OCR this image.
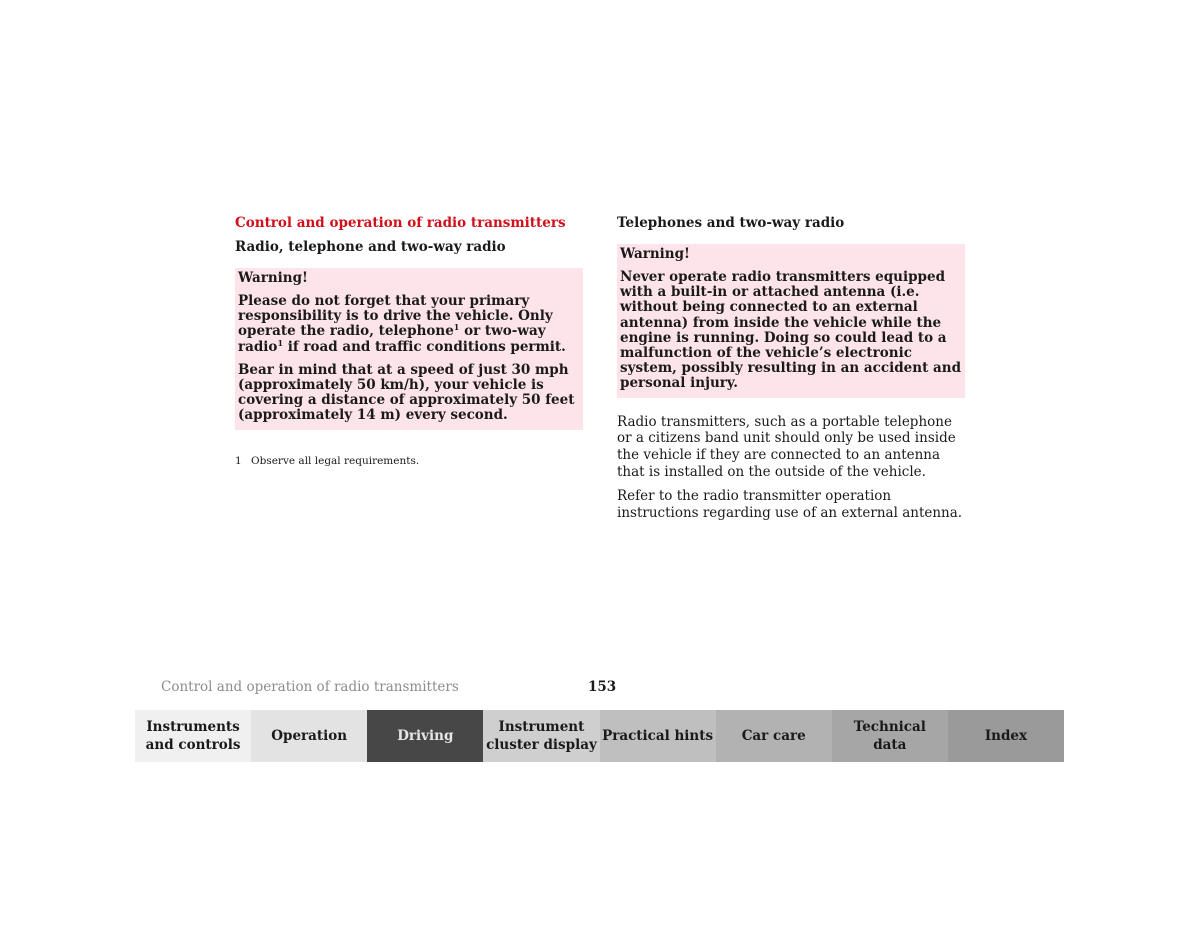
Control and operation of radio transmitters
Radio, telephone and two-way radio
Warning!

Please do not forget that your primary responsibility is to drive the vehicle. Only operate the radio, telephone$^1$ or two-way radio$^1$ if road and traffic conditions permit.

Bear in mind that at a speed of just 30 mph (approximately 50 km/h), your vehicle is covering a distance of approximately 50 feet (approximately 14 m) every second.

1 Observe all legal requirements.
Telephones and two-way radio
Warning!

Never operate radio transmitters equipped with a built-in or attached antenna (i.e. without being connected to an external antenna) from inside the vehicle while the engine is running. Doing so could lead to a malfunction of the vehicle’s electronic system, possibly resulting in an accident and personal injury.

Radio transmitters, such as a portable telephone or a citizens band unit should only be used inside the vehicle if they are connected to an antenna that is installed on the outside of the vehicle.

Refer to the radio transmitter operation instructions regarding use of an external antenna.

Control and operation of radio transmitters	153
Instruments
and controls
Operation	Driving
Instrument
cluster display
Practical hints Car care
Technical
data
Index
